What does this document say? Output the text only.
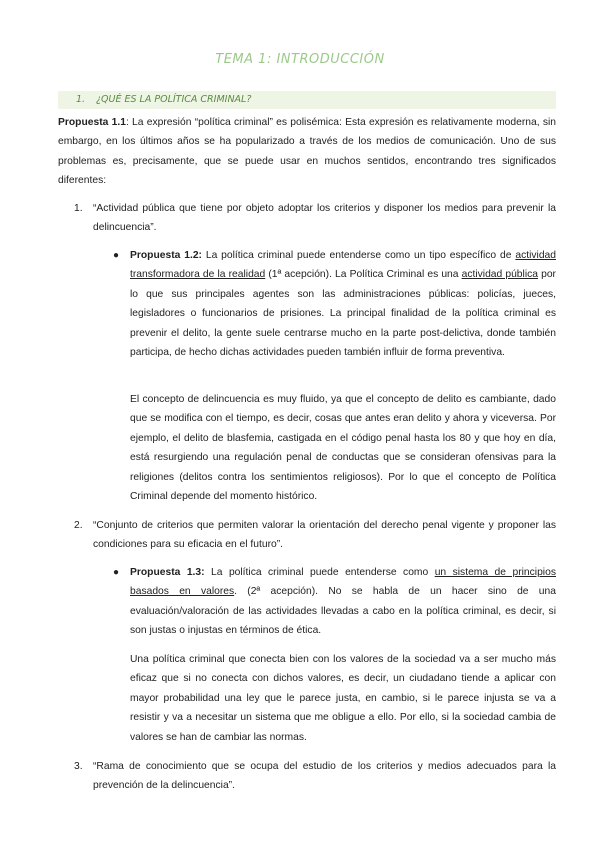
TEMA 1: INTRODUCCIÓN
1. ¿QUÉ ES LA POLÍTICA CRIMINAL?
Propuesta 1.1: La expresión “política criminal” es polisémica: Esta expresión es relativamente moderna, sin embargo, en los últimos años se ha popularizado a través de los medios de comunicación. Uno de sus problemas es, precisamente, que se puede usar en muchos sentidos, encontrando tres significados diferentes:
1. “Actividad pública que tiene por objeto adoptar los criterios y disponer los medios para prevenir la delincuencia”.
● Propuesta 1.2: La política criminal puede entenderse como un tipo específico de actividad transformadora de la realidad (1ª acepción). La Política Criminal es una actividad pública por lo que sus principales agentes son las administraciones públicas: policías, jueces, legisladores o funcionarios de prisiones. La principal finalidad de la política criminal es prevenir el delito, la gente suele centrarse mucho en la parte post-delictiva, donde también participa, de hecho dichas actividades pueden también influir de forma preventiva.
El concepto de delincuencia es muy fluido, ya que el concepto de delito es cambiante, dado que se modifica con el tiempo, es decir, cosas que antes eran delito y ahora y viceversa. Por ejemplo, el delito de blasfemia, castigada en el código penal hasta los 80 y que hoy en día, está resurgiendo una regulación penal de conductas que se consideran ofensivas para la religiones (delitos contra los sentimientos religiosos). Por lo que el concepto de Política Criminal depende del momento histórico.
2. “Conjunto de criterios que permiten valorar la orientación del derecho penal vigente y proponer las condiciones para su eficacia en el futuro”.
● Propuesta 1.3: La política criminal puede entenderse como un sistema de principios basados en valores. (2ª acepción). No se habla de un hacer sino de una evaluación/valoración de las actividades llevadas a cabo en la política criminal, es decir, si son justas o injustas en términos de ética.
Una política criminal que conecta bien con los valores de la sociedad va a ser mucho más eficaz que si no conecta con dichos valores, es decir, un ciudadano tiende a aplicar con mayor probabilidad una ley que le parece justa, en cambio, si le parece injusta se va a resistir y va a necesitar un sistema que me obligue a ello. Por ello, si la sociedad cambia de valores se han de cambiar las normas.
3. “Rama de conocimiento que se ocupa del estudio de los criterios y medios adecuados para la prevención de la delincuencia”.
